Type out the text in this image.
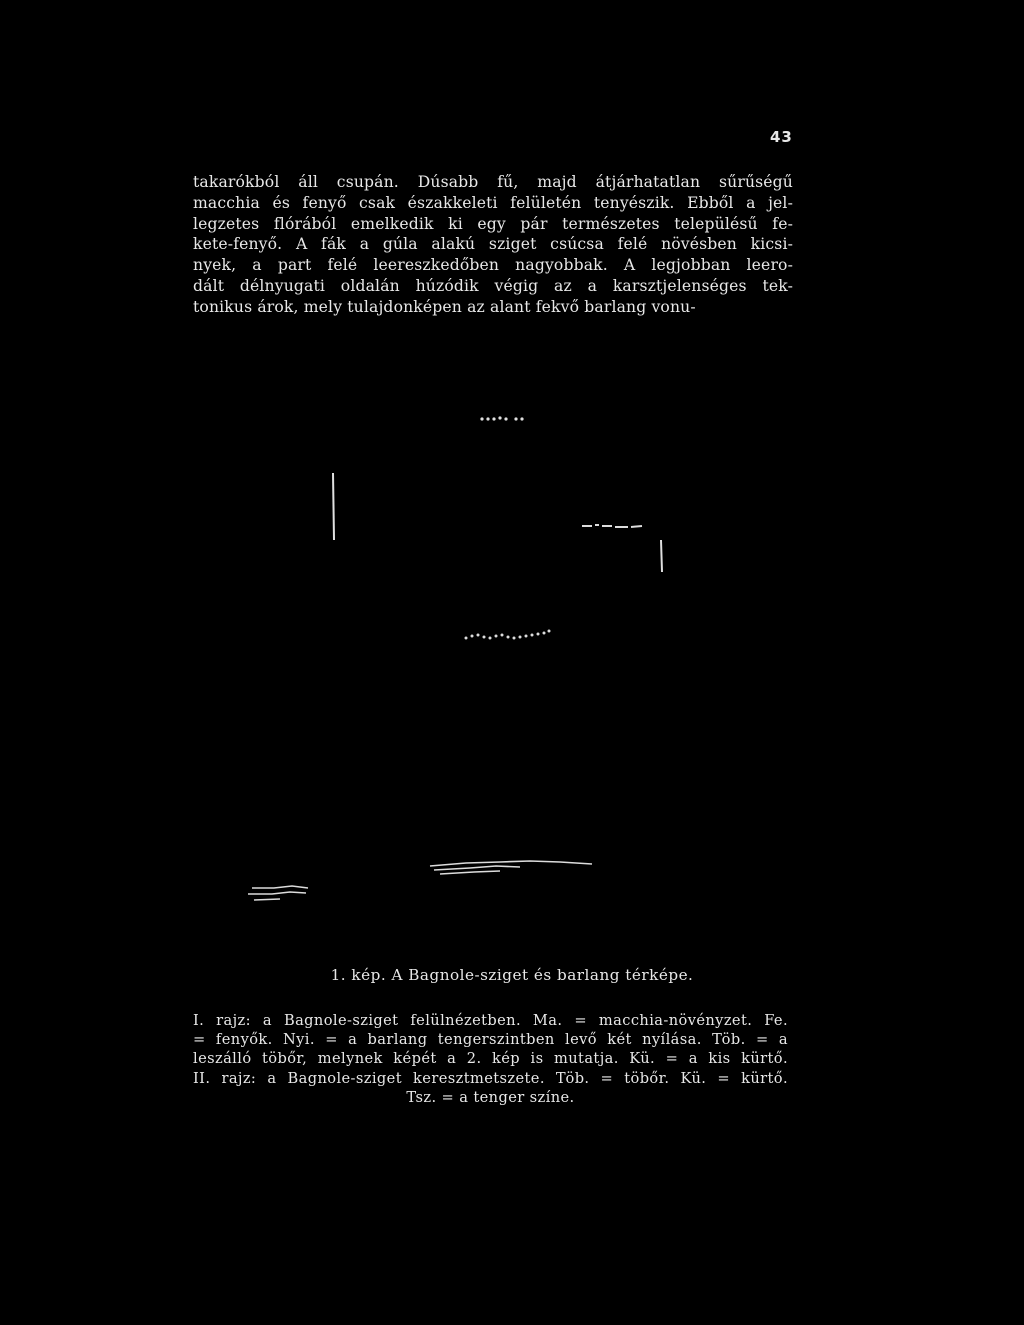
43
takarókból áll csupán. Dúsabb fű, majd átjárhatatlan sűrűségű
macchia és fenyő csak északkeleti felületén tenyészik. Ebből a jel-
legzetes flórából emelkedik ki egy pár természetes településű fe-
kete-fenyő. A fák a gúla alakú sziget csúcsa felé növésben kicsi-
nyek, a part felé leereszkedőben nagyobbak. A legjobban leero-
dált délnyugati oldalán húzódik végig az a karsztjelenséges tek-
tonikus árok, mely tulajdonképen az alant fekvő barlang vonu-
1. kép. A Bagnole-sziget és barlang térképe.
I. rajz: a Bagnole-sziget felülnézetben. Ma. = macchia-növényzet. Fe.
= fenyők. Nyi. = a barlang tengerszintben levő két nyílása. Töb. = a
leszálló töbőr, melynek képét a 2. kép is mutatja. Kü. = a kis kürtő.
II. rajz: a Bagnole-sziget keresztmetszete. Töb. = töbőr. Kü. = kürtő.
Tsz. = a tenger színe.
